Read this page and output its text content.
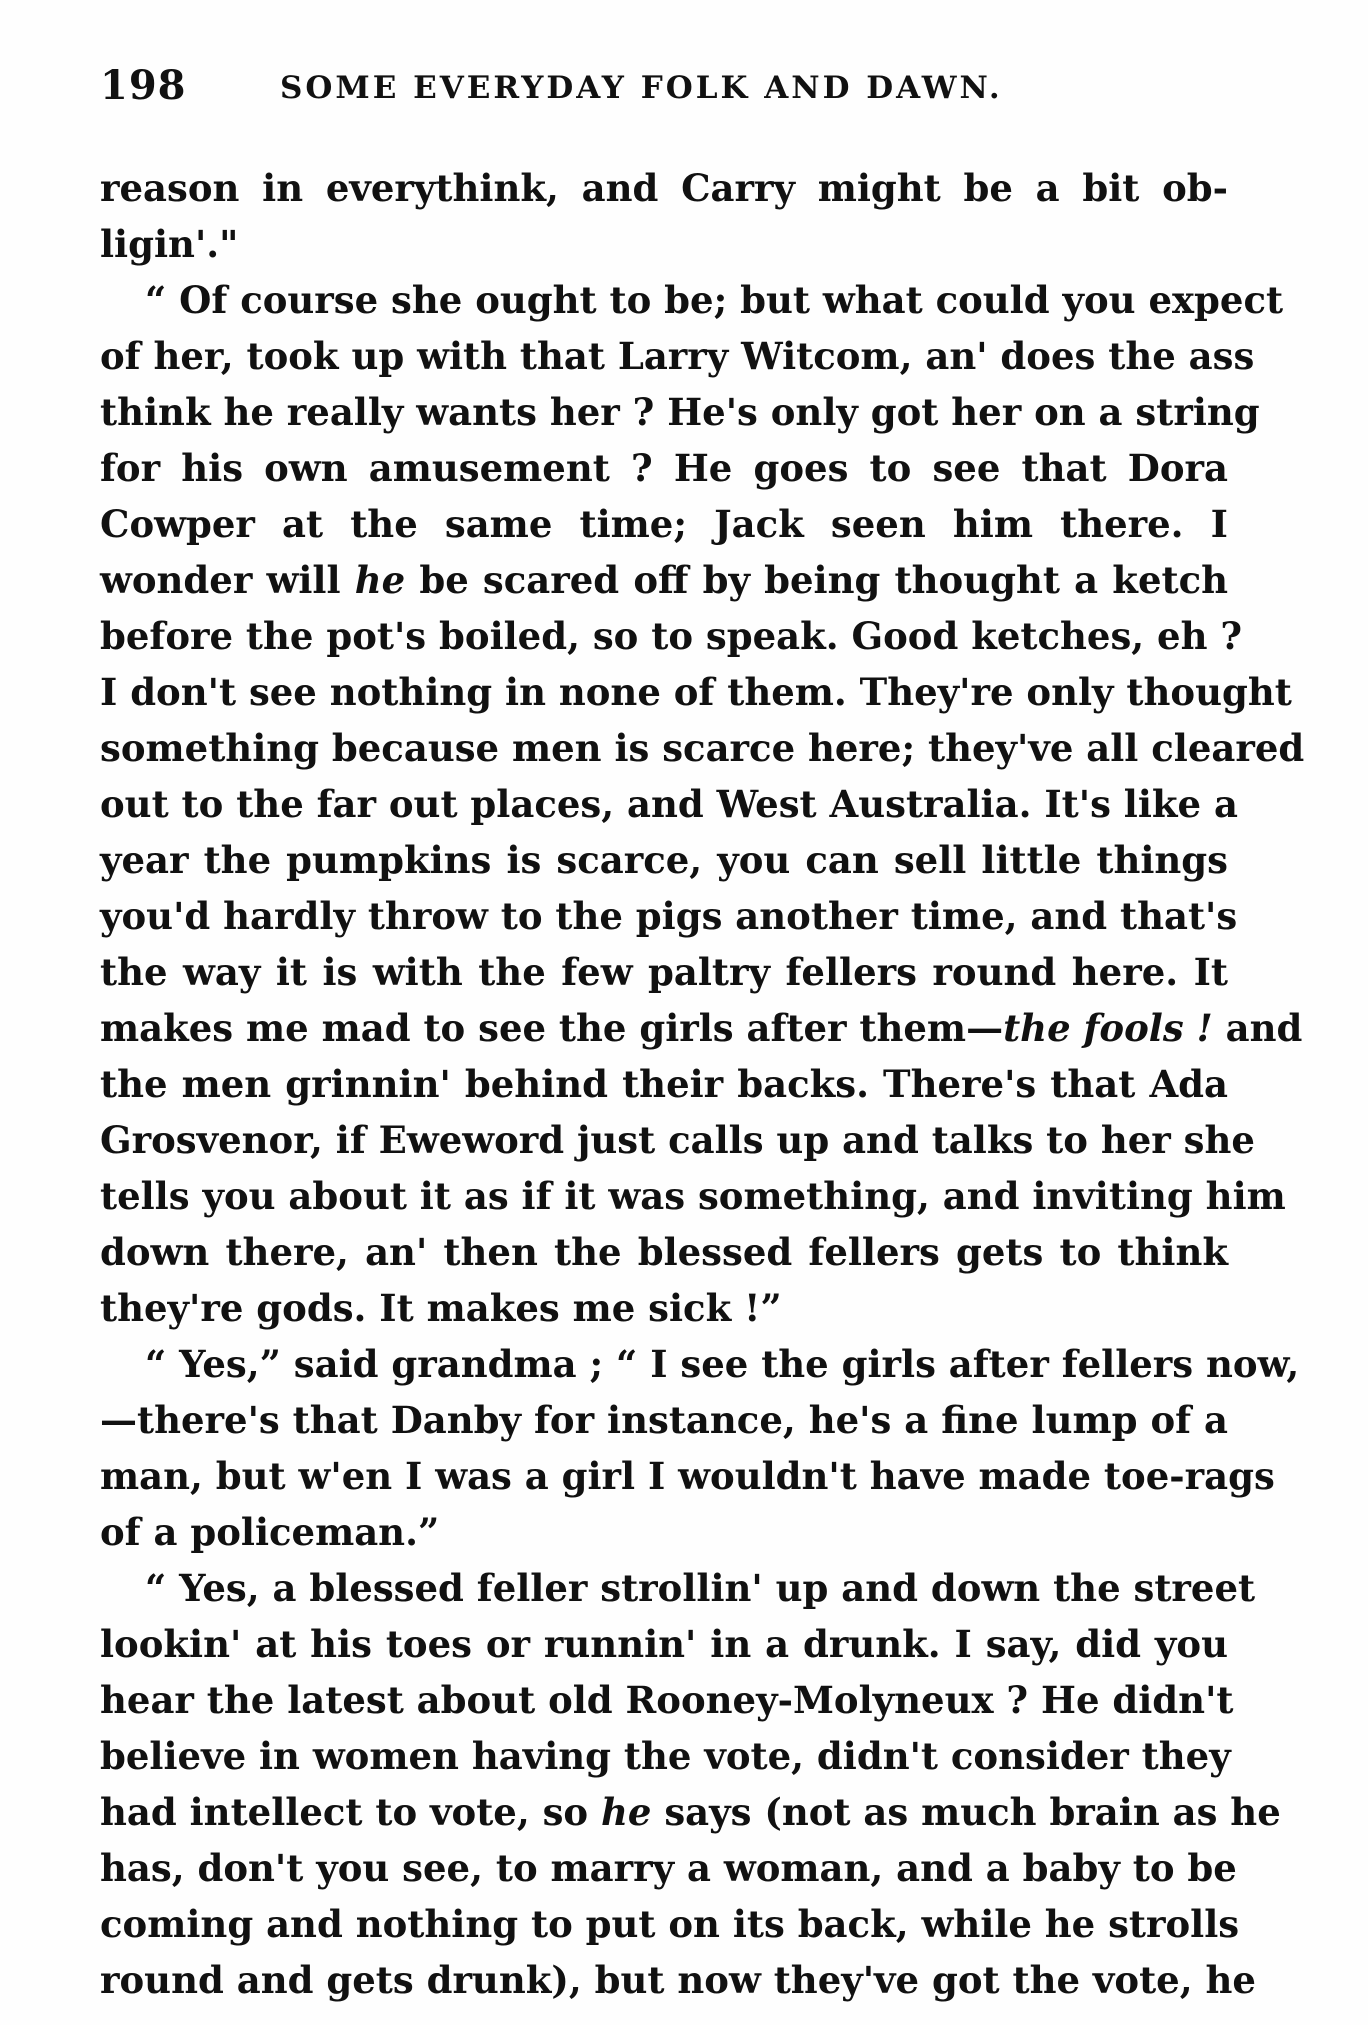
198	SOME EVERYDAY FOLK AND DAWN.
reason in everythink, and Carry might be a bit ob-
ligin'."
“ Of course she ought to be; but what could you expect
of her, took up with that Larry Witcom, an' does the ass
think he really wants her ? He's only got her on a string
for his own amusement ? He goes to see that Dora
Cowper at the same time; Jack seen him there. I
wonder will he be scared off by being thought a ketch
before the pot's boiled, so to speak. Good ketches, eh ?
I don't see nothing in none of them. They're only thought
something because men is scarce here; they've all cleared
out to the far out places, and West Australia. It's like a
year the pumpkins is scarce, you can sell little things
you'd hardly throw to the pigs another time, and that's
the way it is with the few paltry fellers round here. It
makes me mad to see the girls after them—the fools ! and
the men grinnin' behind their backs. There's that Ada
Grosvenor, if Eweword just calls up and talks to her she
tells you about it as if it was something, and inviting him
down there, an' then the blessed fellers gets to think
they're gods. It makes me sick !”
“ Yes,” said grandma ; “ I see the girls after fellers now,
—there's that Danby for instance, he's a fine lump of a
man, but w'en I was a girl I wouldn't have made toe-rags
of a policeman.”
“ Yes, a blessed feller strollin' up and down the street
lookin' at his toes or runnin' in a drunk. I say, did you
hear the latest about old Rooney-Molyneux ? He didn't
believe in women having the vote, didn't consider they
had intellect to vote, so he says (not as much brain as he
has, don't you see, to marry a woman, and a baby to be
coming and nothing to put on its back, while he strolls
round and gets drunk), but now they've got the vote, he
